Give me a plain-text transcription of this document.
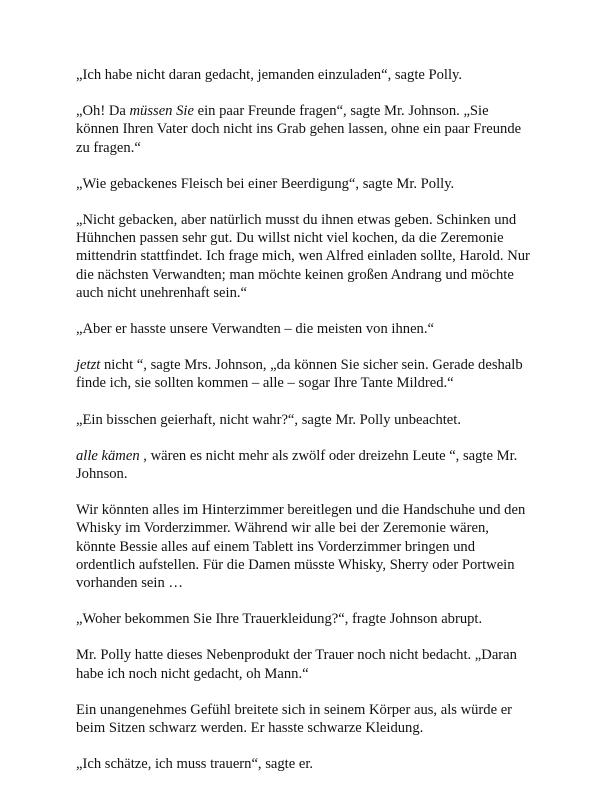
„Ich habe nicht daran gedacht, jemanden einzuladen“, sagte Polly.

„Oh! Da müssen Sie ein paar Freunde fragen“, sagte Mr. Johnson. „Sie können Ihren Vater doch nicht ins Grab gehen lassen, ohne ein paar Freunde zu fragen.“

„Wie gebackenes Fleisch bei einer Beerdigung“, sagte Mr. Polly.

„Nicht gebacken, aber natürlich musst du ihnen etwas geben. Schinken und Hühnchen passen sehr gut. Du willst nicht viel kochen, da die Zeremonie mittendrin stattfindet. Ich frage mich, wen Alfred einladen sollte, Harold. Nur die nächsten Verwandten; man möchte keinen großen Andrang und möchte auch nicht unehrenhaft sein.“

„Aber er hasste unsere Verwandten – die meisten von ihnen.“

jetzt nicht “, sagte Mrs. Johnson, „da können Sie sicher sein. Gerade deshalb finde ich, sie sollten kommen – alle – sogar Ihre Tante Mildred.“

„Ein bisschen geierhaft, nicht wahr?“, sagte Mr. Polly unbeachtet.

alle kämen , wären es nicht mehr als zwölf oder dreizehn Leute “, sagte Mr. Johnson.

Wir könnten alles im Hinterzimmer bereitlegen und die Handschuhe und den Whisky im Vorderzimmer. Während wir alle bei der Zeremonie wären, könnte Bessie alles auf einem Tablett ins Vorderzimmer bringen und ordentlich aufstellen. Für die Damen müsste Whisky, Sherry oder Portwein vorhanden sein …

„Woher bekommen Sie Ihre Trauerkleidung?“, fragte Johnson abrupt.

Mr. Polly hatte dieses Nebenprodukt der Trauer noch nicht bedacht. „Daran habe ich noch nicht gedacht, oh Mann.“

Ein unangenehmes Gefühl breitete sich in seinem Körper aus, als würde er beim Sitzen schwarz werden. Er hasste schwarze Kleidung.

„Ich schätze, ich muss trauern“, sagte er.
